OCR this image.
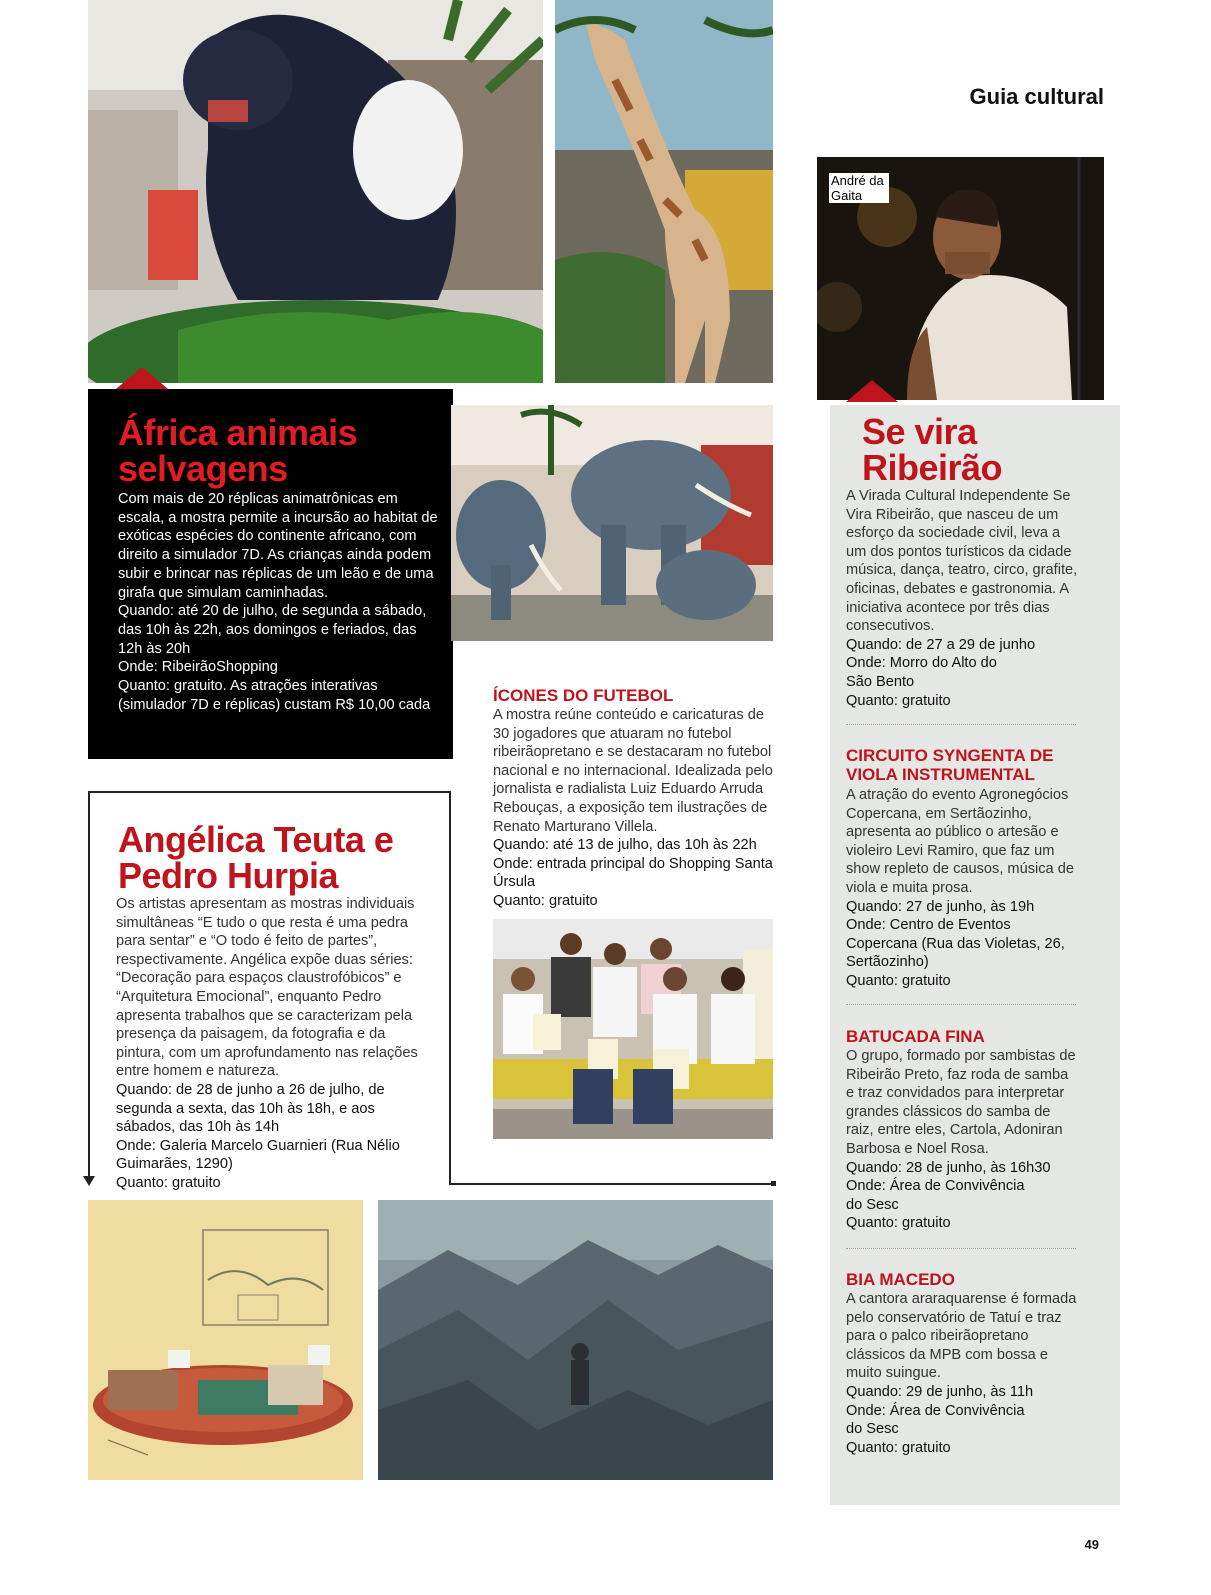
Guia cultural
África animais selvagens

Com mais de 20 réplicas animatrônicas em escala, a mostra permite a incursão ao habitat de exóticas espécies do continente africano, com direito a simulador 7D. As crianças ainda podem subir e brincar nas réplicas de um leão e de uma girafa que simulam caminhadas.

Quando: até 20 de julho, de segunda a sábado, das 10h às 22h, aos domingos e feriados, das 12h às 20h

Onde: RibeirãoShopping

Quanto: gratuito. As atrações interativas (simulador 7D e réplicas) custam R$ 10,00 cada	ÍCONES DO FUTEBOL

A mostra reúne conteúdo e caricaturas de 30 jogadores que atuaram no futebol ribeirãopretano e se destacaram no futebol nacional e no internacional. Idealizada pelo jornalista e radialista Luiz Eduardo Arruda Rebouças, a exposição tem ilustrações de Renato Marturano Villela.

Quando: até 13 de julho, das 10h às 22h

Onde: entrada principal do Shopping Santa Úrsula

Quanto: gratuito

Angélica Teuta e Pedro Hurpia

Os artistas apresentam as mostras individuais simultâneas “E tudo o que resta é uma pedra para sentar” e “O todo é feito de partes”, respectivamente. Angélica expõe duas séries: “Decoração para espaços claustrofóbicos” e “Arquitetura Emocional”, enquanto Pedro apresenta trabalhos que se caracterizam pela presença da paisagem, da fotografia e da pintura, com um aprofundamento nas relações entre homem e natureza.

Quando: de 28 de junho a 26 de julho, de segunda a sexta, das 10h às 18h, e aos sábados, das 10h às 14h

Onde: Galeria Marcelo Guarnieri (Rua Nélio Guimarães, 1290)

Quanto: gratuito

André da Gaita
Se vira Ribeirão

A Virada Cultural Independente Se Vira Ribeirão, que nasceu de um esforço da sociedade civil, leva a um dos pontos turísticos da cidade música, dança, teatro, circo, grafite, oficinas, debates e gastronomia. A iniciativa acontece por três dias consecutivos.

Quando: de 27 a 29 de junho

Onde: Morro do Alto do São Bento

Quanto: gratuito

CIRCUITO SYNGENTA DE VIOLA INSTRUMENTAL

A atração do evento Agronegócios Copercana, em Sertãozinho, apresenta ao público o artesão e violeiro Levi Ramiro, que faz um show repleto de causos, música de viola e muita prosa.

Quando: 27 de junho, às 19h

Onde: Centro de Eventos Copercana (Rua das Violetas, 26, Sertãozinho)

Quanto: gratuito

BATUCADA FINA

O grupo, formado por sambistas de Ribeirão Preto, faz roda de samba e traz convidados para interpretar grandes clássicos do samba de raiz, entre eles, Cartola, Adoniran Barbosa e Noel Rosa.

Quando: 28 de junho, às 16h30

Onde: Área de Convivência do Sesc

Quanto: gratuito

BIA MACEDO

A cantora araraquarense é formada pelo conservatório de Tatuí e traz para o palco ribeirãopretano clássicos da MPB com bossa e muito suingue.

Quando: 29 de junho, às 11h

Onde: Área de Convivência do Sesc

Quanto: gratuito

49
